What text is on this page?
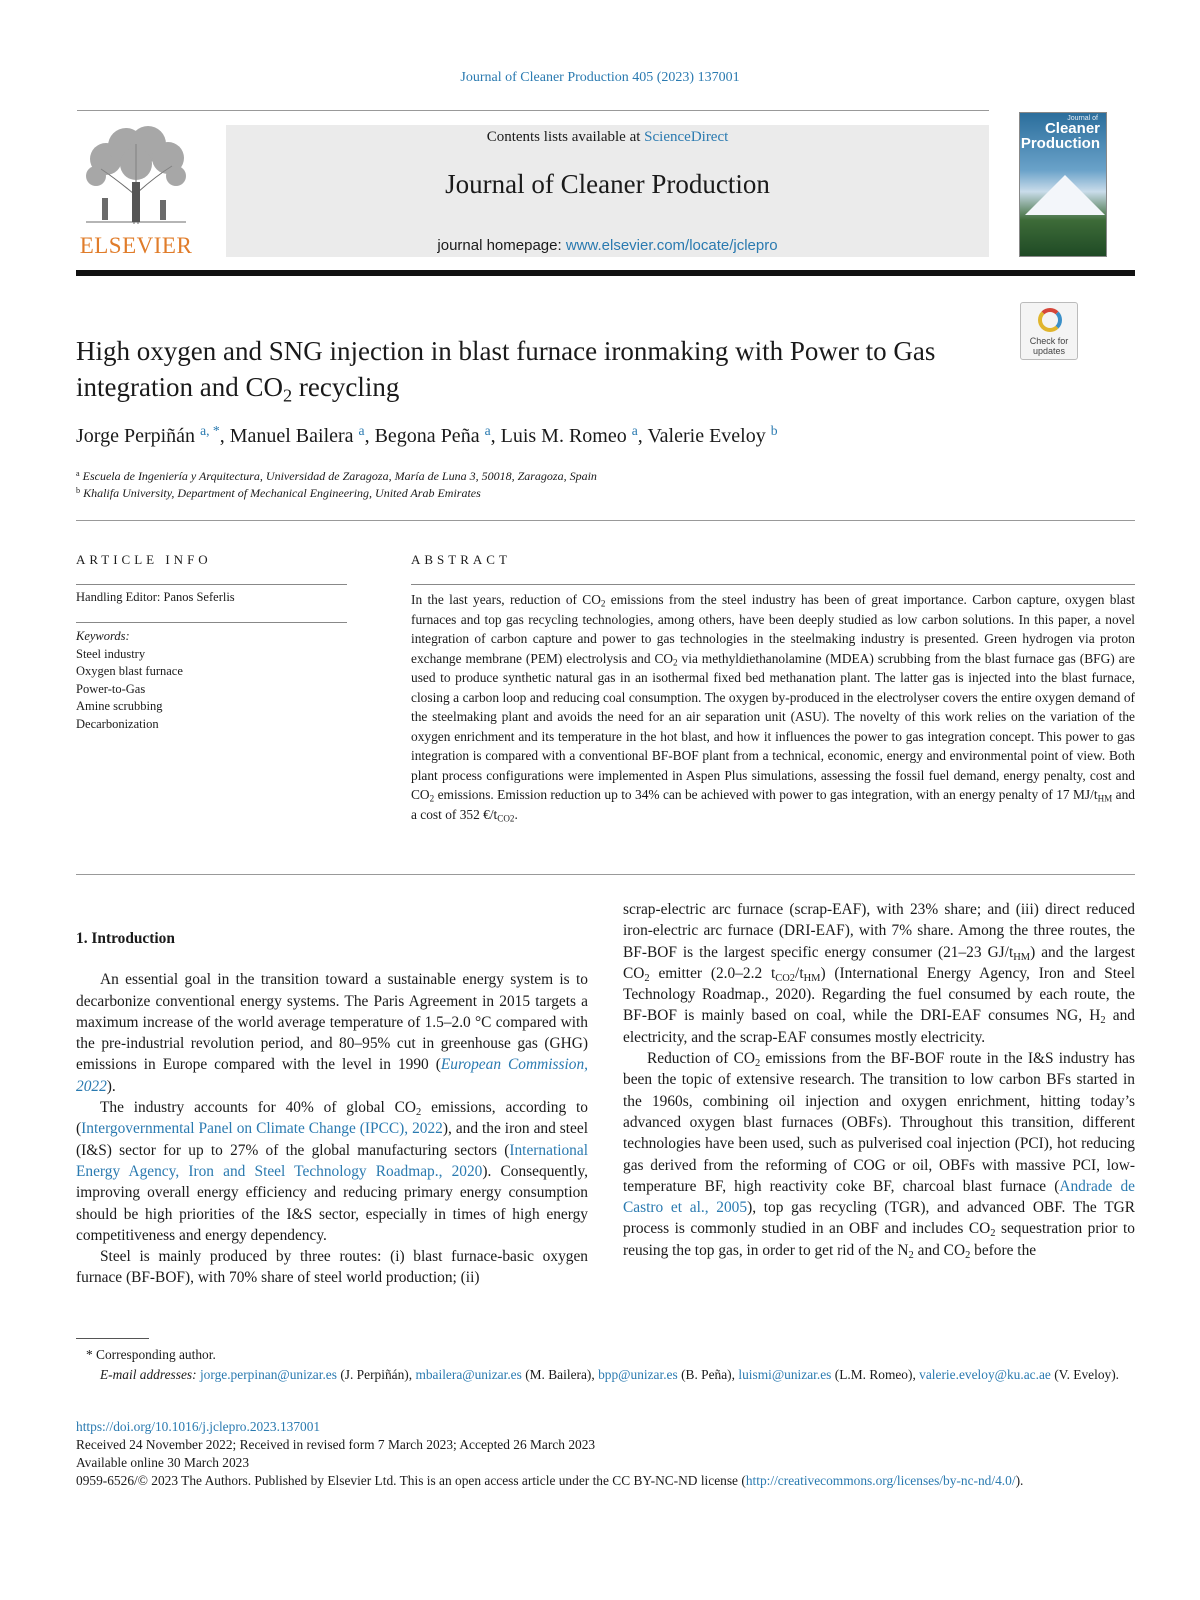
Journal of Cleaner Production 405 (2023) 137001
ELSEVIER
Contents lists available at ScienceDirect
Journal of Cleaner Production
journal homepage: www.elsevier.com/locate/jclepro
Journal of
Cleaner
Production
Check for
updates
High oxygen and SNG injection in blast furnace ironmaking with Power to Gas integration and $CO_2$ recycling
Jorge Perpiñán $^{a, *}$, Manuel Bailera $^a$, Begona Peña $^a$, Luis M. Romeo $^a$, Valerie Eveloy $^b$
$^a$ Escuela de Ingeniería y Arquitectura, Universidad de Zaragoza, María de Luna 3, 50018, Zaragoza, Spain
$^b$ Khalifa University, Department of Mechanical Engineering, United Arab Emirates
ARTICLE INFO
Handling Editor: Panos Seferlis
Keywords:
Steel industry
Oxygen blast furnace
Power-to-Gas
Amine scrubbing
Decarbonization
ABSTRACT

In the last years, reduction of $CO_2$ emissions from the steel industry has been of great importance. Carbon capture, oxygen blast furnaces and top gas recycling technologies, among others, have been deeply studied as low carbon solutions. In this paper, a novel integration of carbon capture and power to gas technologies in the steelmaking industry is presented. Green hydrogen via proton exchange membrane (PEM) electrolysis and $CO_2$ via methyldiethanolamine (MDEA) scrubbing from the blast furnace gas (BFG) are used to produce synthetic natural gas in an isothermal fixed bed methanation plant. The latter gas is injected into the blast furnace, closing a carbon loop and reducing coal consumption. The oxygen by-produced in the electrolyser covers the entire oxygen demand of the steelmaking plant and avoids the need for an air separation unit (ASU). The novelty of this work relies on the variation of the oxygen enrichment and its temperature in the hot blast, and how it influences the power to gas integration concept. This power to gas integration is compared with a conventional BF-BOF plant from a technical, economic, energy and environmental point of view. Both plant process configurations were implemented in Aspen Plus simulations, assessing the fossil fuel demand, energy penalty, cost and $CO_2$ emissions. Emission reduction up to 34% can be achieved with power to gas integration, with an energy penalty of 17 $MJ/t_{HM}$ and a cost of 352 $€/t_{CO2}$.

1. Introduction

An essential goal in the transition toward a sustainable energy system is to decarbonize conventional energy systems. The Paris Agreement in 2015 targets a maximum increase of the world average temperature of 1.5–2.0 °C compared with the pre-industrial revolution period, and 80–95% cut in greenhouse gas (GHG) emissions in Europe compared with the level in 1990 (European Commission, 2022).

The industry accounts for 40% of global $CO_2$ emissions, according to (Intergovernmental Panel on Climate Change (IPCC), 2022), and the iron and steel (I&S) sector for up to 27% of the global manufacturing sectors (International Energy Agency, Iron and Steel Technology Roadmap., 2020). Consequently, improving overall energy efficiency and reducing primary energy consumption should be high priorities of the I&S sector, especially in times of high energy competitiveness and energy dependency.

Steel is mainly produced by three routes: (i) blast furnace-basic oxygen furnace (BF-BOF), with 70% share of steel world production; (ii)

scrap-electric arc furnace (scrap-EAF), with 23% share; and (iii) direct reduced iron-electric arc furnace (DRI-EAF), with 7% share. Among the three routes, the BF-BOF is the largest specific energy consumer (21–23 $GJ/t_{HM}$) and the largest $CO_2$ emitter (2.0–2.2 $t_{CO2}/t_{HM}$) (International Energy Agency, Iron and Steel Technology Roadmap., 2020). Regarding the fuel consumed by each route, the BF-BOF is mainly based on coal, while the DRI-EAF consumes NG, $H_2$ and electricity, and the scrap-EAF consumes mostly electricity.

Reduction of $CO_2$ emissions from the BF-BOF route in the I&S industry has been the topic of extensive research. The transition to low carbon BFs started in the 1960s, combining oil injection and oxygen enrichment, hitting today’s advanced oxygen blast furnaces (OBFs). Throughout this transition, different technologies have been used, such as pulverised coal injection (PCI), hot reducing gas derived from the reforming of COG or oil, OBFs with massive PCI, low-temperature BF, high reactivity coke BF, charcoal blast furnace (Andrade de Castro et al., 2005), top gas recycling (TGR), and advanced OBF. The TGR process is commonly studied in an OBF and includes $CO_2$ sequestration prior to reusing the top gas, in order to get rid of the $N_2$ and $CO_2$ before the

* Corresponding author.
E-mail addresses: jorge.perpinan@unizar.es (J. Perpiñán), mbailera@unizar.es (M. Bailera), bpp@unizar.es (B. Peña), luismi@unizar.es (L.M. Romeo), valerie.eveloy@ku.ac.ae (V. Eveloy).
https://doi.org/10.1016/j.jclepro.2023.137001
Received 24 November 2022; Received in revised form 7 March 2023; Accepted 26 March 2023
Available online 30 March 2023
0959-6526/© 2023 The Authors. Published by Elsevier Ltd. This is an open access article under the CC BY-NC-ND license (http://creativecommons.org/licenses/by-nc-nd/4.0/).
